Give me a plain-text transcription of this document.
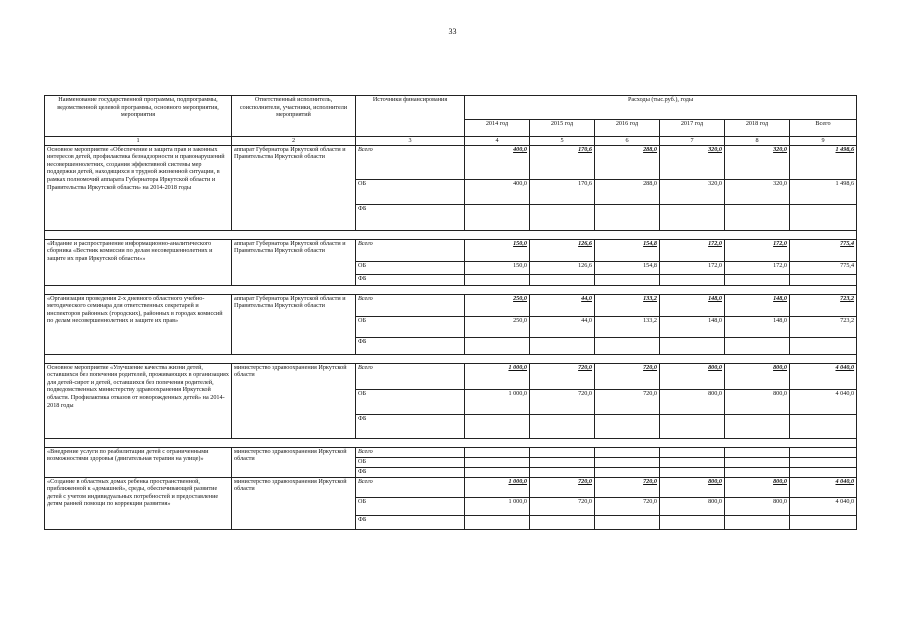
33
Наименование государственной программы, подпрограммы, ведомственной целевой программы, основного мероприятия, мероприятия	Ответственный исполнитель, соисполнители, участники, исполнители мероприятий	Источники финансирования	Расходы (тыс.руб.), годы					
			2014 год	2015 год	2016 год	2017 год	2018 год	Всего
1	2	3	4	5	6	7	8	9
Основное мероприятие «Обеспечение и защита прав и законных интересов детей, профилактика безнадзорности и правонарушений несовершеннолетних, создания эффективной системы мер поддержки детей, находящихся в трудной жизненной ситуации, в рамках полномочий аппарата Губернатора Иркутской области и Правительства Иркутской области» на 2014-2018 годы	аппарат Губернатора Иркутской области и Правительства Иркутской области	Всего	400,0	170,6	288,0	320,0	320,0	1 498,6
		ОБ	400,0	170,6	288,0	320,0	320,0	1 498,6
		ФБ						

«Издание и распространение информационно-аналитического сборника «Вестник комиссии по делам несовершеннолетних и защите их прав Иркутской области»»	аппарат Губернатора Иркутской области и Правительства Иркутской области	Всего	150,0	126,6	154,8	172,0	172,0	775,4
		ОБ	150,0	126,6	154,8	172,0	172,0	775,4
		ФБ						

«Организация проведения 2-х дневного областного учебно-методического семинара для ответственных секретарей и инспекторов районных (городских), районных в городах комиссий по делам несовершеннолетних и защите их прав»	аппарат Губернатора Иркутской области и Правительства Иркутской области	Всего	250,0	44,0	133,2	148,0	148,0	723,2
		ОБ	250,0	44,0	133,2	148,0	148,0	723,2
		ФБ						

Основное мероприятие «Улучшение качества жизни детей, оставшихся без попечения родителей, проживающих в организациях для детей-сирот и детей, оставшихся без попечения родителей, подведомственных министерству здравоохранения Иркутской области. Профилактика отказов от новорожденных детей» на 2014-2018 годы	министерство здравоохранения Иркутской области	Всего	1 000,0	720,0	720,0	800,0	800,0	4 040,0
		ОБ	1 000,0	720,0	720,0	800,0	800,0	4 040,0
		ФБ						

«Внедрение услуги по реабилитации детей с ограниченными возможностями здоровья (двигательная терапия на улице)»	министерство здравоохранения Иркутской области	Всего						
		ОБ						
		ФБ						
«Создание в областных домах ребенка пространственной, приближенной к «домашней», среды, обеспечивающей развитие детей с учетом индивидуальных потребностей и предоставление детям ранней помощи по коррекции развития»	министерство здравоохранения Иркутской области	Всего	1 000,0	720,0	720,0	800,0	800,0	4 040,0
		ОБ	1 000,0	720,0	720,0	800,0	800,0	4 040,0
		ФБ						
